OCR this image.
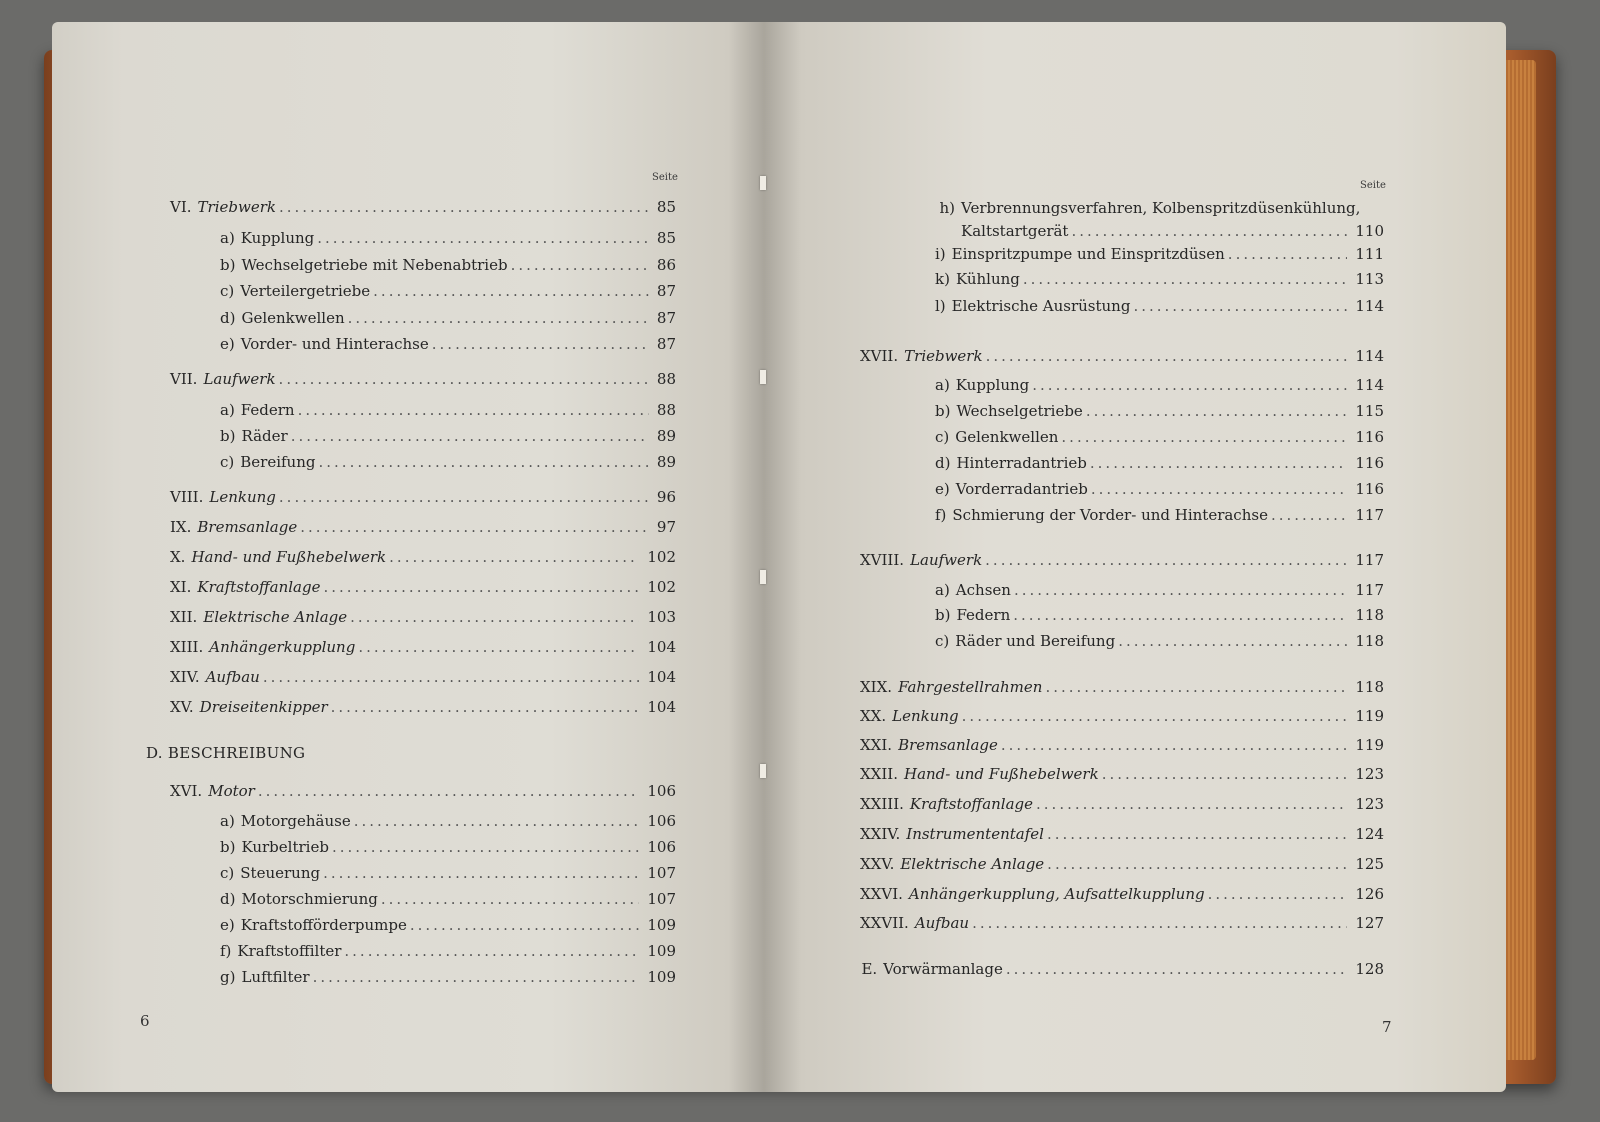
Seite
Seite
VI. Triebwerk .....	85
a) Kupplung .....	85
b) Wechselgetriebe mit Nebenabtrieb .....	86
c) Verteilergetriebe .....	87
d) Gelenkwellen .....	87
e) Vorder- und Hinterachse .....	87
VII. Laufwerk .....	88
a) Federn .....	88
b) Räder .....	89
c) Bereifung .....	89
VIII. Lenkung .....	96
IX. Bremsanlage .....	97
X. Hand- und Fußhebelwerk .....	102
XI. Kraftstoffanlage .....	102
XII. Elektrische Anlage .....	103
XIII. Anhängerkupplung .....	104
XIV. Aufbau .....	104
XV. Dreiseitenkipper .....	104
D. BESCHREIBUNG
XVI. Motor .....	106
a) Motorgehäuse .....	106
b) Kurbeltrieb .....	106
c) Steuerung .....	107
d) Motorschmierung .....	107
e) Kraftstofförderpumpe .....	109
f) Kraftstoffilter .....	109
g) Luftfilter .....	109
h) Verbrennungsverfahren, Kolbenspritzdüsenkühlung,
Kaltstartgerät .....	110
i) Einspritzpumpe und Einspritzdüsen .....	111
k) Kühlung .....	113
l) Elektrische Ausrüstung .....	114
XVII. Triebwerk .....	114
a) Kupplung .....	114
b) Wechselgetriebe .....	115
c) Gelenkwellen .....	116
d) Hinterradantrieb .....	116
e) Vorderradantrieb .....	116
f) Schmierung der Vorder- und Hinterachse .....	117
XVIII. Laufwerk .....	117
a) Achsen .....	117
b) Federn .....	118
c) Räder und Bereifung .....	118
XIX. Fahrgestellrahmen .....	118
XX. Lenkung .....	119
XXI. Bremsanlage .....	119
XXII. Hand- und Fußhebelwerk .....	123
XXIII. Kraftstoffanlage .....	123
XXIV. Instrumententafel .....	124
XXV. Elektrische Anlage .....	125
XXVI. Anhängerkupplung, Aufsattelkupplung .....	126
XXVII. Aufbau .....	127
E. Vorwärmanlage .....	128
6	7
